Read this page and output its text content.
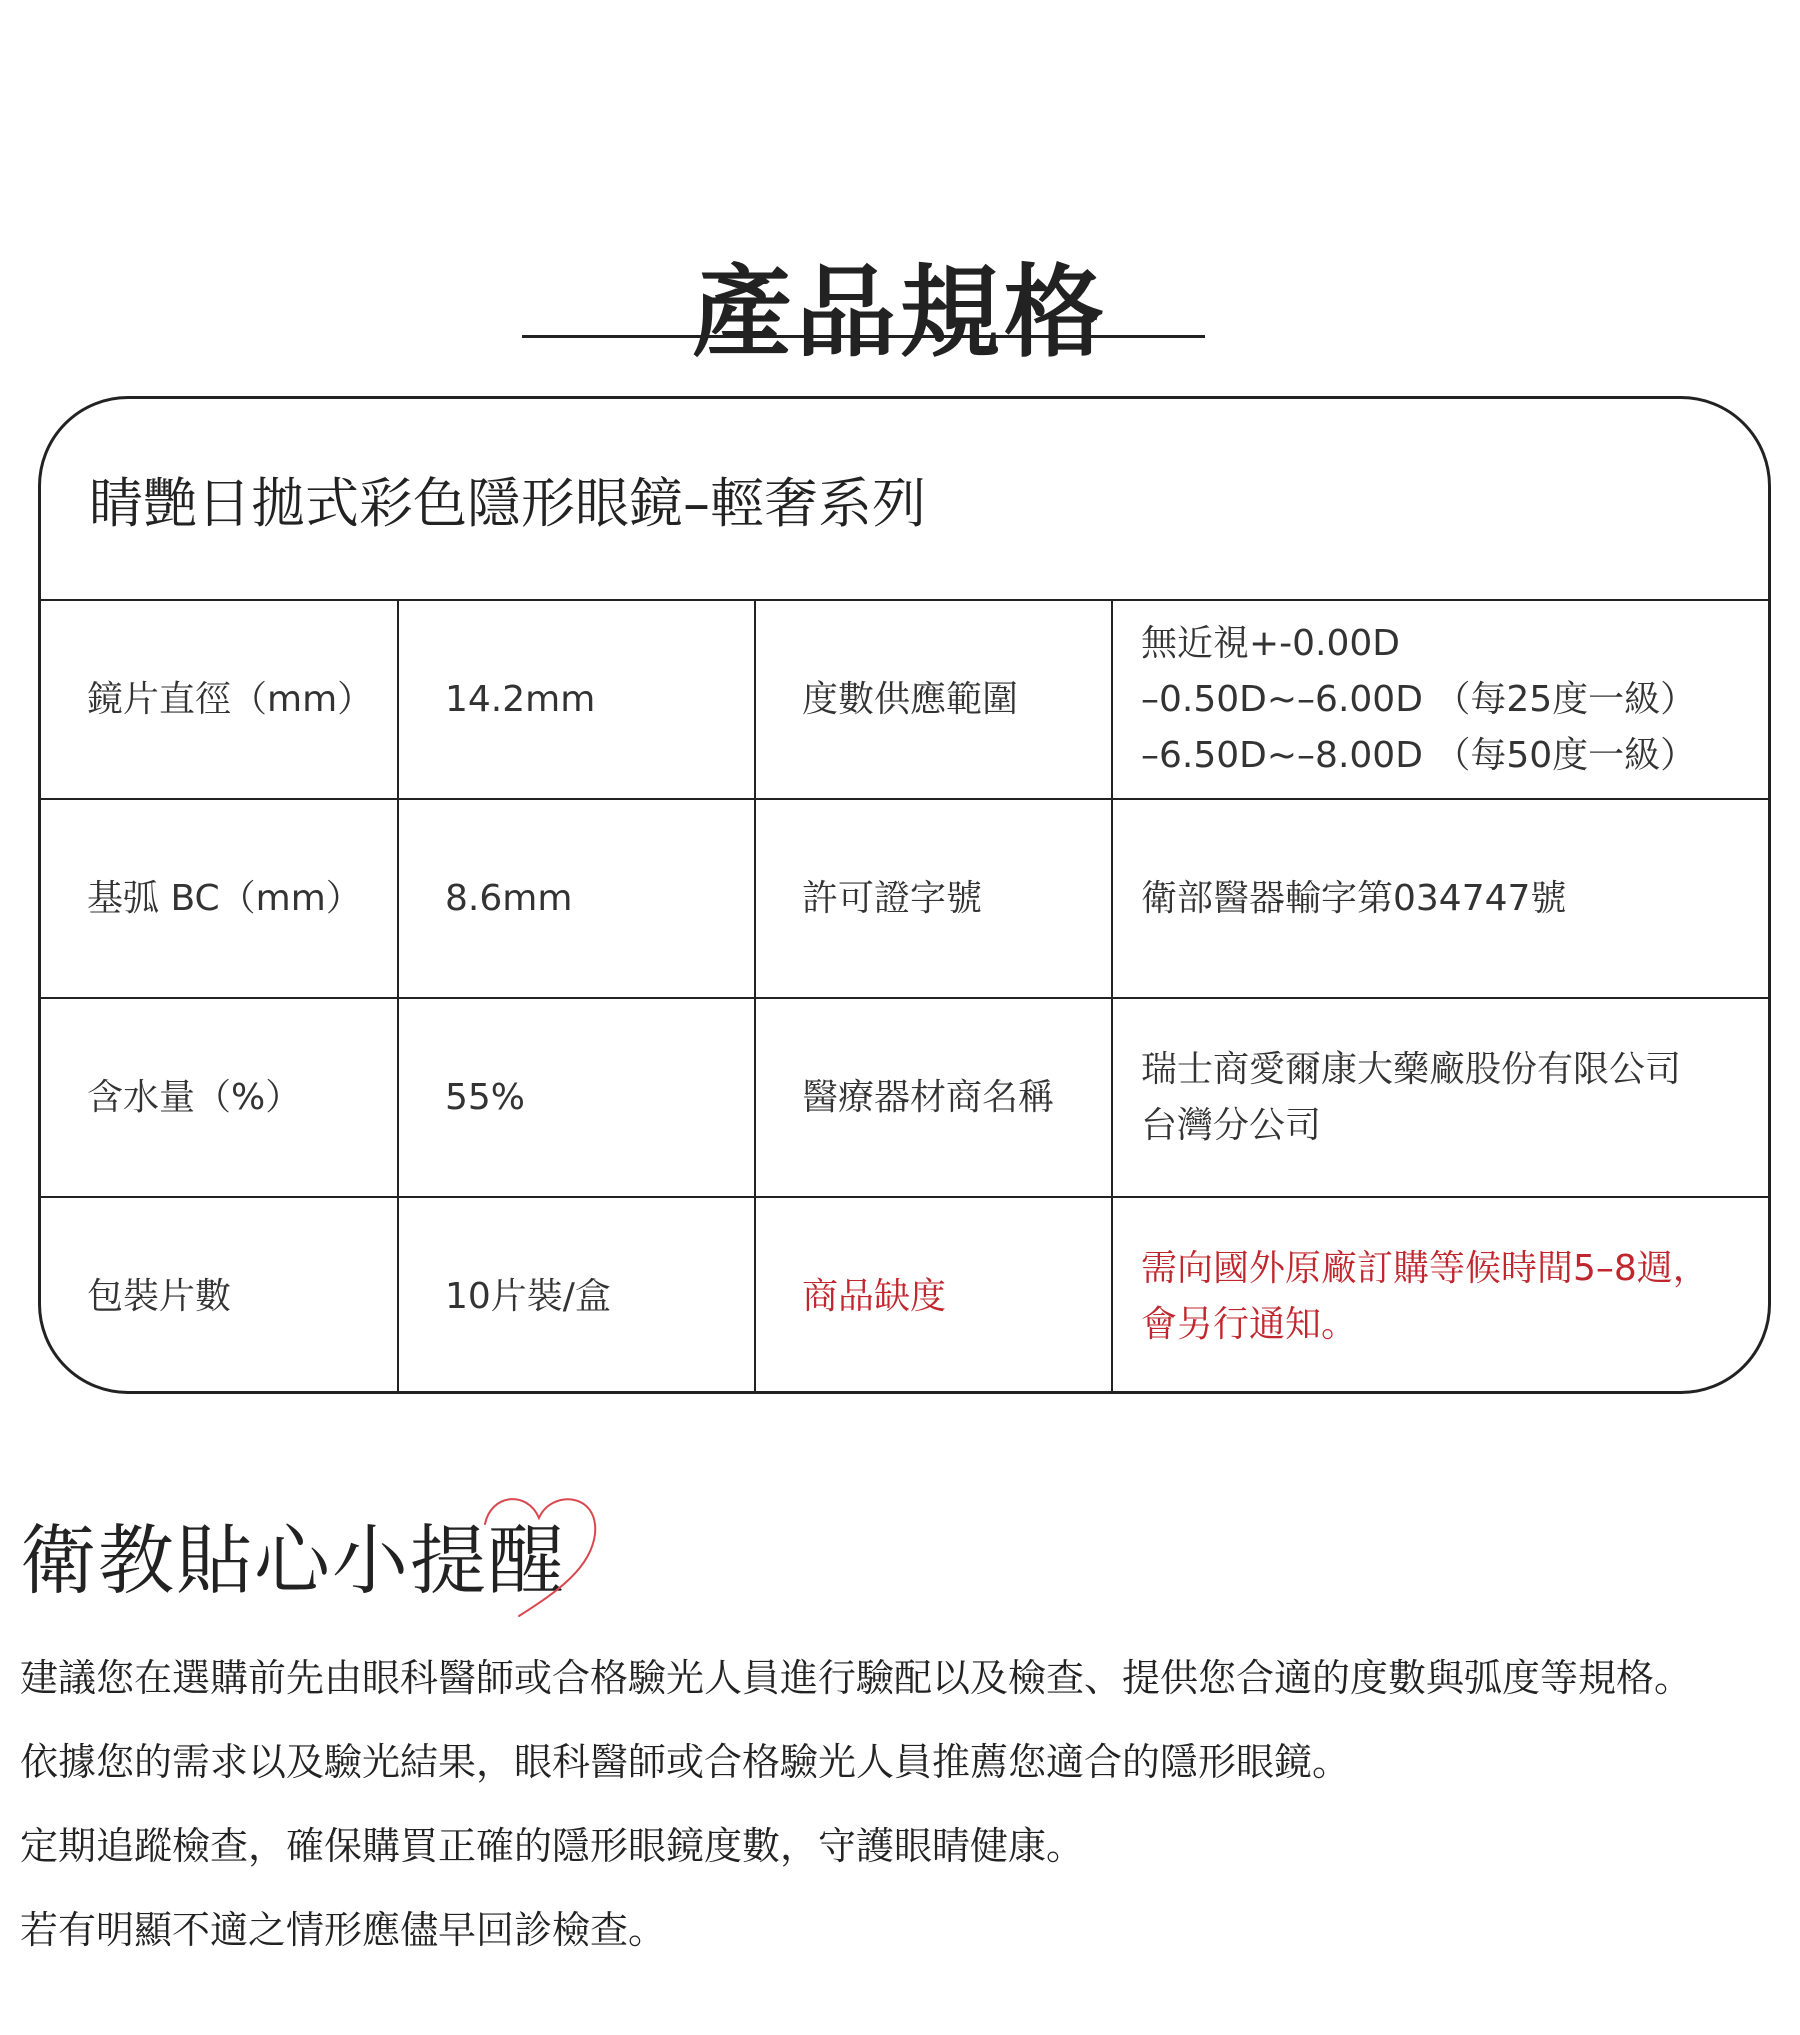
產品規格
睛艷日拋式彩色隱形眼鏡–輕奢系列
鏡片直徑（mm）	14.2mm	度數供應範圍	無近視+-0.00D
–0.50D~–6.00D （每25度一級）
–6.50D~–8.00D （每50度一級）

基弧 BC（mm）	8.6mm	許可證字號	衛部醫器輸字第034747號

含水量（%）	55%	醫療器材商名稱	瑞士商愛爾康大藥廠股份有限公司
台灣分公司

包裝片數	10片裝/盒	商品缺度	需向國外原廠訂購等候時間5–8週，
會另行通知。
衛教貼心小提醒
建議您在選購前先由眼科醫師或合格驗光人員進行驗配以及檢查、提供您合適的度數與弧度等規格。
依據您的需求以及驗光結果，眼科醫師或合格驗光人員推薦您適合的隱形眼鏡。
定期追蹤檢查，確保購買正確的隱形眼鏡度數，守護眼睛健康。
若有明顯不適之情形應儘早回診檢查。
